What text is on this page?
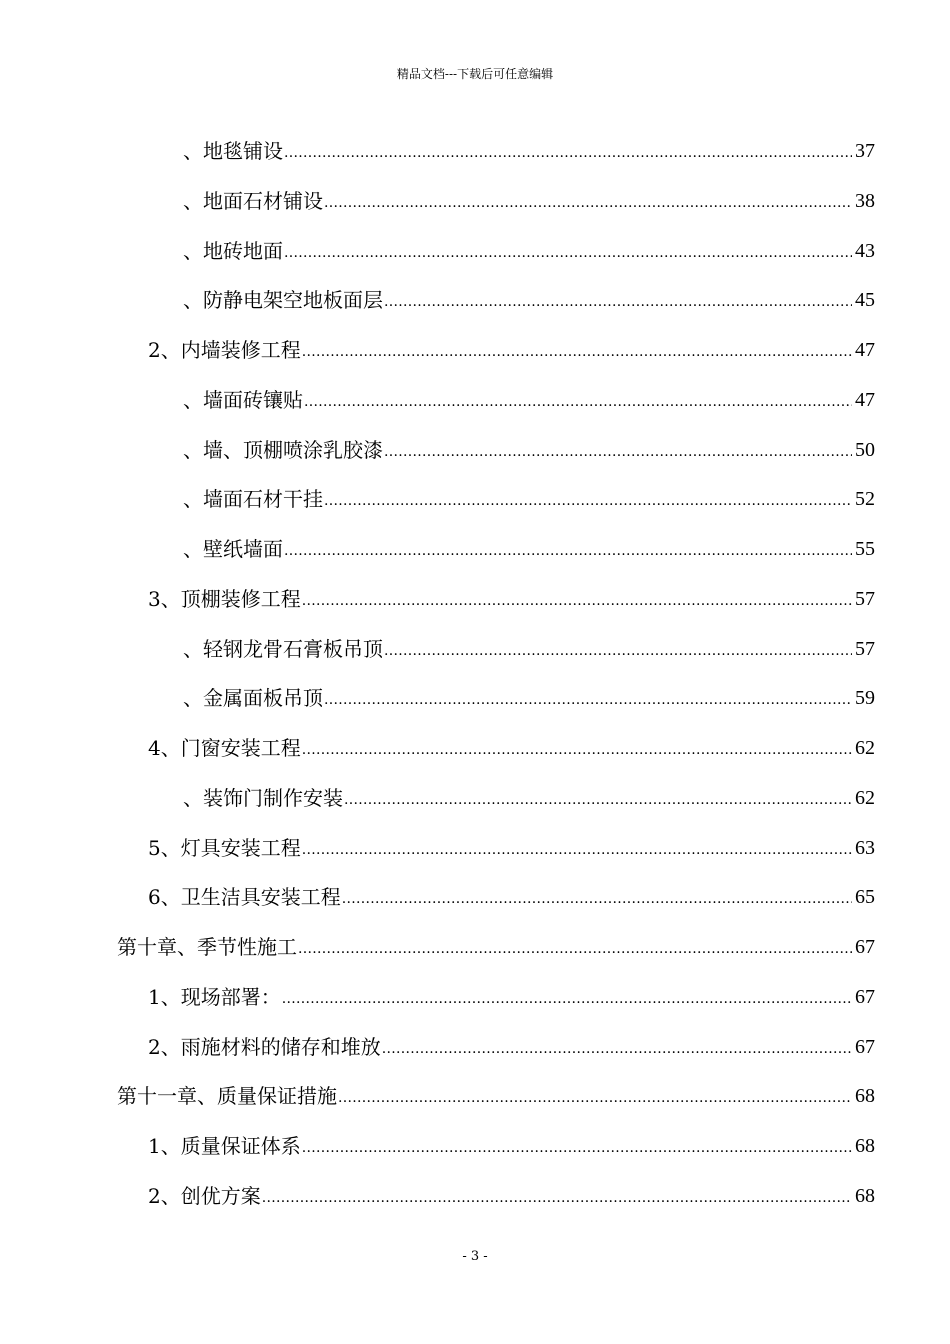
精品文档---下载后可任意编辑
、地毯铺设 .....	37
、地面石材铺设 .....	38
、地砖地面 .....	43
、防静电架空地板面层 .....	45
2、内墙装修工程 .....	47
、墙面砖镶贴 .....	47
、墙、顶棚喷涂乳胶漆 .....	50
、墙面石材干挂 .....	52
、壁纸墙面 .....	55
3、顶棚装修工程 .....	57
、轻钢龙骨石膏板吊顶 .....	57
、金属面板吊顶 .....	59
4、门窗安装工程 .....	62
、装饰门制作安装 .....	62
5、灯具安装工程 .....	63
6、卫生洁具安装工程 .....	65
第十章、季节性施工 .....	67
1、现场部署： .....	67
2、雨施材料的储存和堆放 .....	67
第十一章、质量保证措施 .....	68
1、质量保证体系 .....	68
2、创优方案 .....	68
- 3 -
